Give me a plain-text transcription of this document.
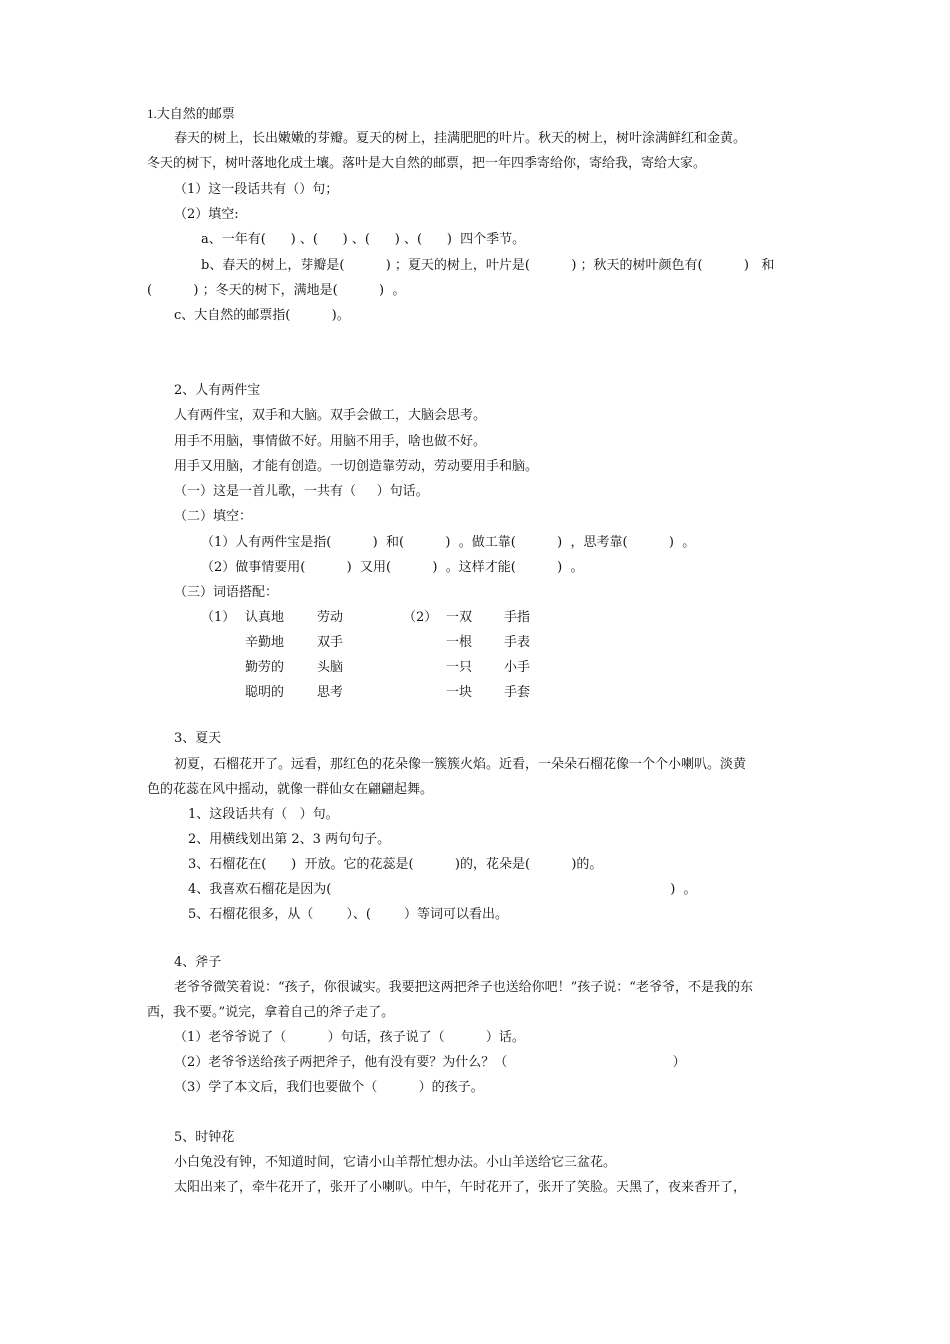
1.大自然的邮票
春天的树上，长出嫩嫩的芽瓣。夏天的树上，挂满肥肥的叶片。秋天的树上，树叶涂满鲜红和金黄。
冬天的树下，树叶落地化成土壤。落叶是大自然的邮票，把一年四季寄给你，寄给我，寄给大家。
（1）这一段话共有（）句；
（2）填空:
a、一年有(      ) 、(      ) 、(      ) 、(      )  四个季节。
b、春天的树上，芽瓣是(          ) ；夏天的树上，叶片是(          ) ；秋天的树叶颜色有(          )   和
(          ) ；冬天的树下，满地是(          )  。
c、大自然的邮票指(          )。
2、人有两件宝
人有两件宝，双手和大脑。双手会做工，大脑会思考。
用手不用脑，事情做不好。用脑不用手，啥也做不好。
用手又用脑，才能有创造。一切创造靠劳动，劳动要用手和脑。
（一）这是一首儿歌，一共有（     ）句话。
（二）填空：
（1）人有两件宝是指(          )  和(          )  。做工靠(          )  ，思考靠(          )  。
（2）做事情要用(          )  又用(          )  。这样才能(          )  。
（三）词语搭配：
（1）	（2）
认真地
辛勤地
勤劳的
聪明的
劳动
双手
头脑
思考
一双
一根
一只
一块
手指
手表
小手
手套
3、夏天
初夏，石榴花开了。远看，那红色的花朵像一簇簇火焰。近看，一朵朵石榴花像一个个小喇叭。淡黄
色的花蕊在风中摇动，就像一群仙女在翩翩起舞。
1、这段话共有（   ）句。
2、用横线划出第 2、3 两句句子。
3、石榴花在(      )  开放。它的花蕊是(          )的，花朵是(          )的。
4、我喜欢石榴花是因为(                                                                                  )  。
5、石榴花很多，从（        ）、(        ）等词可以看出。
4、斧子
老爷爷微笑着说：“孩子，你很诚实。我要把这两把斧子也送给你吧！”孩子说：“老爷爷，不是我的东
西，我不要。”说完，拿着自己的斧子走了。
（1）老爷爷说了（          ）句话，孩子说了（          ）话。
（2）老爷爷送给孩子两把斧子，他有没有要？为什么？（                                        ）
（3）学了本文后，我们也要做个（          ）的孩子。
5、时钟花
小白兔没有钟，不知道时间，它请小山羊帮忙想办法。小山羊送给它三盆花。
太阳出来了，牵牛花开了，张开了小喇叭。中午，午时花开了，张开了笑脸。天黑了，夜来香开了，
